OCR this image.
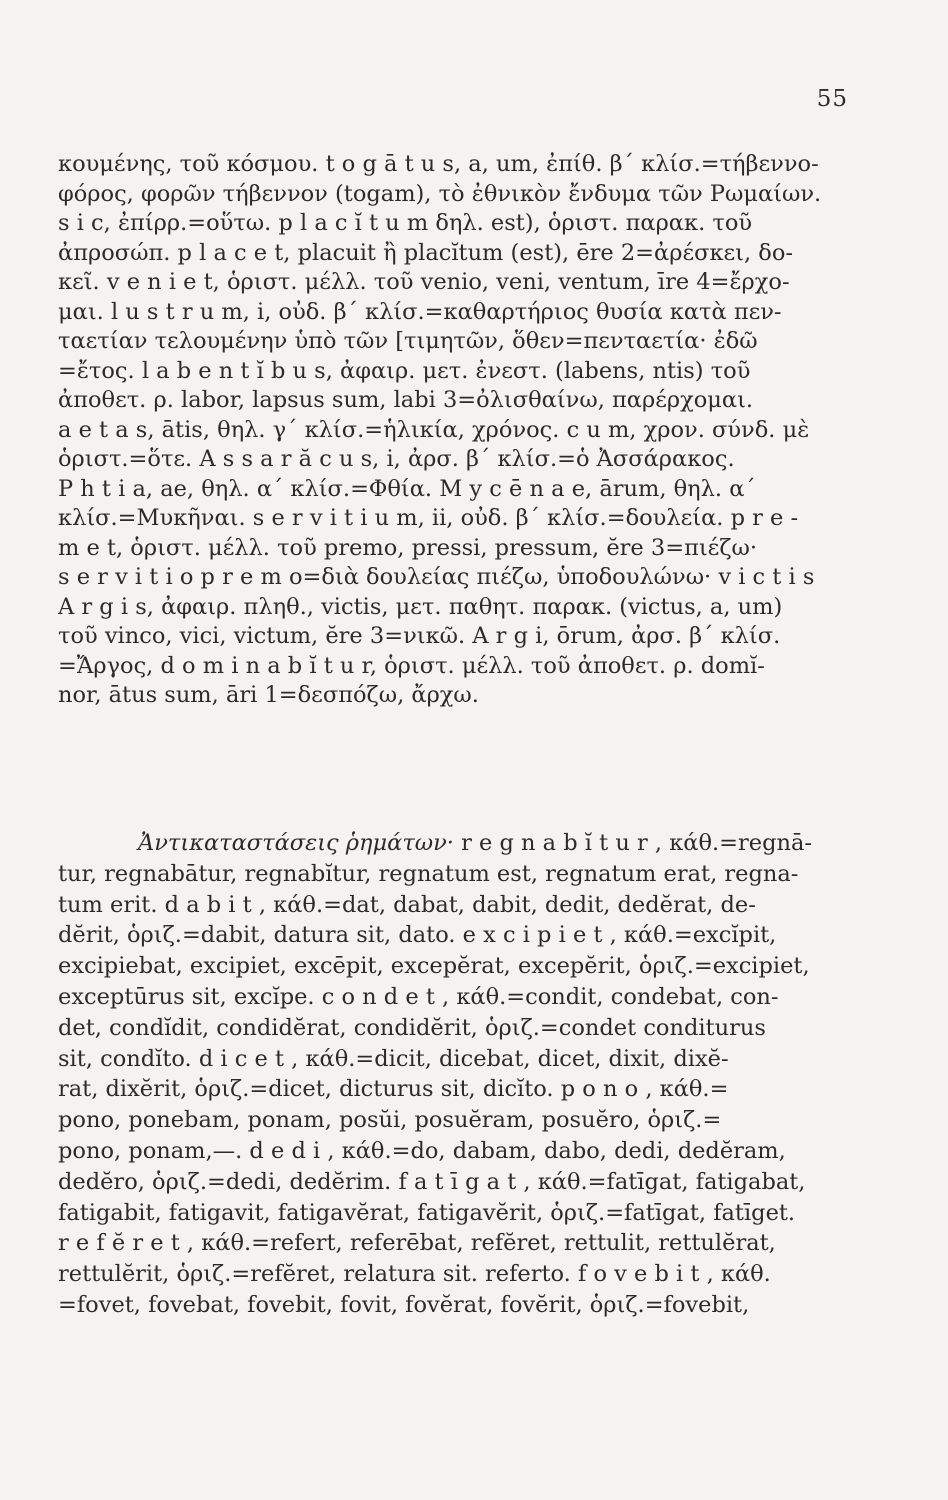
55
κουμένης, τοῦ κόσμου. t o g ā t u s, a, um, ἐπίθ. β΄ κλίσ.=τήβεννο-
φόρος, φορῶν τήβεννον (togam), τὸ ἐθνικὸν ἔνδυμα τῶν Ρωμαίων.
s i c, ἐπίρρ.=οὕτω. p l a c ĭ t u m δηλ. est), ὁριστ. παρακ. τοῦ
ἀπροσώπ. p l a c e t, placuit ἢ placĭtum (est), ēre 2=ἀρέσκει, δο-
κεῖ. v e n i e t, ὁριστ. μέλλ. τοῦ venio, veni, ventum, īre 4=ἔρχο-
μαι. l u s t r u m, i, οὐδ. β΄ κλίσ.=καθαρτήριος θυσία κατὰ πεν-
ταετίαν τελουμένην ὑπὸ τῶν [τιμητῶν, ὅθεν=πενταετία· ἐδῶ
=ἔτος. l a b e n t ĭ b u s, ἀφαιρ. μετ. ἐνεστ. (labens, ntis) τοῦ
ἀποθετ. ρ. labor, lapsus sum, labi 3=ὀλισθαίνω, παρέρχομαι.
a e t a s, ātis, θηλ. γ΄ κλίσ.=ἡλικία, χρόνος. c u m, χρον. σύνδ. μὲ
ὁριστ.=ὅτε. A s s a r ă c u s, i, ἀρσ. β΄ κλίσ.=ὁ Ἀσσάρακος.
P h t i a, ae, θηλ. α΄ κλίσ.=Φθία. M y c ē n a e, ārum, θηλ. α΄
κλίσ.=Μυκῆναι. s e r v i t i u m, ii, οὐδ. β΄ κλίσ.=δουλεία. p r e -
m e t, ὁριστ. μέλλ. τοῦ premo, pressi, pressum, ĕre 3=πιέζω·
s e r v i t i o p r e m o=διὰ δουλείας πιέζω, ὑποδουλώνω· v i c t i s
A r g i s, ἀφαιρ. πληθ., victis, μετ. παθητ. παρακ. (victus, a, um)
τοῦ vinco, vici, victum, ĕre 3=νικῶ. A r g i, ōrum, ἀρσ. β΄ κλίσ.
=Ἄργος, d o m i n a b ĭ t u r, ὁριστ. μέλλ. τοῦ ἀποθετ. ρ. domĭ-
nor, ātus sum, āri 1=δεσπόζω, ἄρχω.
Ἀντικαταστάσεις ῥημάτων· r e g n a b ĭ t u r , κάθ.=regnā-
tur, regnabātur, regnabĭtur, regnatum est, regnatum erat, regna-
tum erit. d a b i t , κάθ.=dat, dabat, dabit, dedit, dedĕrat, de-
dĕrit, ὁριζ.=dabit, datura sit, dato. e x c i p i e t , κάθ.=excĭpit,
excipiebat, excipiet, excēpit, excepĕrat, excepĕrit, ὁριζ.=excipiet,
exceptūrus sit, excĭpe. c o n d e t , κάθ.=condit, condebat, con-
det, condĭdit, condidĕrat, condidĕrit, ὁριζ.=condet conditurus
sit, condĭto. d i c e t , κάθ.=dicit, dicebat, dicet, dixit, dixĕ-
rat, dixĕrit, ὁριζ.=dicet, dicturus sit, dicĭto. p o n o , κάθ.=
pono, ponebam, ponam, posŭi, posuĕram, posuĕro, ὁριζ.=
pono, ponam,—. d e d i , κάθ.=do, dabam, dabo, dedi, dedĕram,
dedĕro, ὁριζ.=dedi, dedĕrim. f a t ī g a t , κάθ.=fatīgat, fatigabat,
fatigabit, fatigavit, fatigavĕrat, fatigavĕrit, ὁριζ.=fatīgat, fatīget.
r e f ĕ r e t , κάθ.=refert, referēbat, refĕret, rettulit, rettulĕrat,
rettulĕrit, ὁριζ.=refĕret, relatura sit. referto. f o v e b i t , κάθ.
=fovet, fovebat, fovebit, fovit, fovĕrat, fovĕrit, ὁριζ.=fovebit,
